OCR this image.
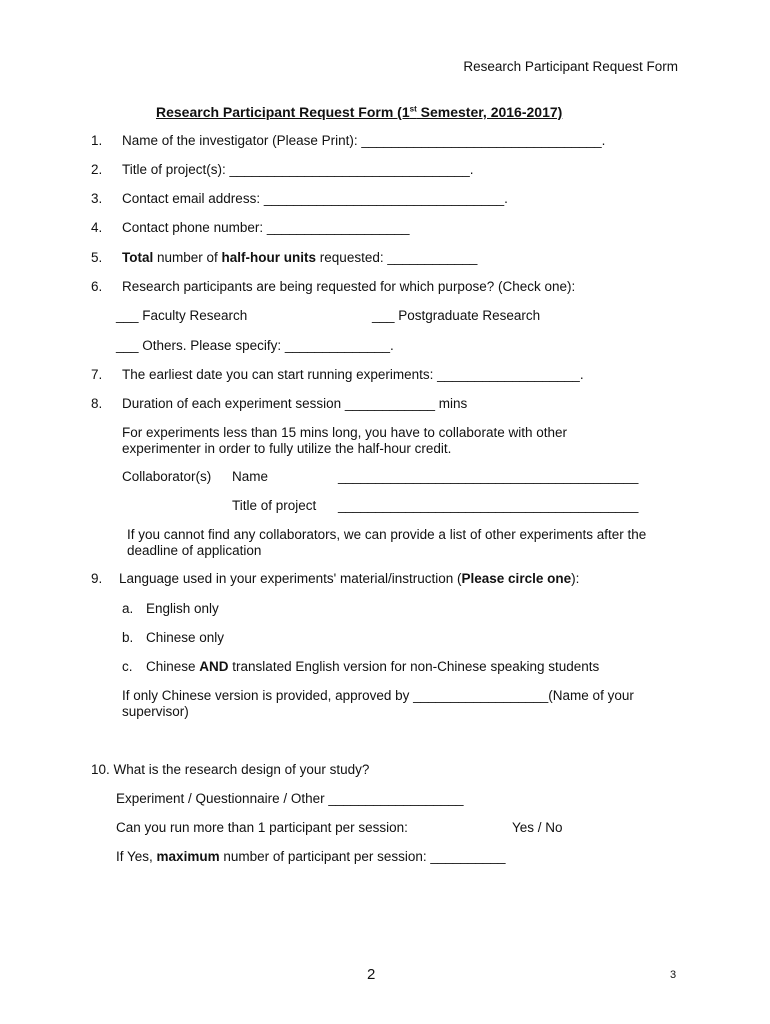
Research Participant Request Form
Research Participant Request Form (1st Semester, 2016-2017)
1. Name of the investigator (Please Print): ________________________________.
2. Title of project(s): ________________________________.
3. Contact email address: ________________________________.
4. Contact phone number: ___________________
5. Total number of half-hour units requested: ____________
6. Research participants are being requested for which purpose? (Check one):
___ Faculty Research	___ Postgraduate Research
___ Others. Please specify: ______________.
7. The earliest date you can start running experiments: ___________________.
8. Duration of each experiment session ____________ mins
For experiments less than 15 mins long, you have to collaborate with other experimenter in order to fully utilize the half-hour credit.
Collaborator(s) Name	________________________________________
Title of project ________________________________________
If you cannot find any collaborators, we can provide a list of other experiments after the deadline of application
9. Language used in your experiments' material/instruction (Please circle one):
a. English only
b. Chinese only
c. Chinese AND translated English version for non-Chinese speaking students
If only Chinese version is provided, approved by __________________(Name of your supervisor)
10. What is the research design of your study?
Experiment / Questionnaire / Other __________________
Can you run more than 1 participant per session:	Yes / No
If Yes, maximum number of participant per session: __________
2	3
